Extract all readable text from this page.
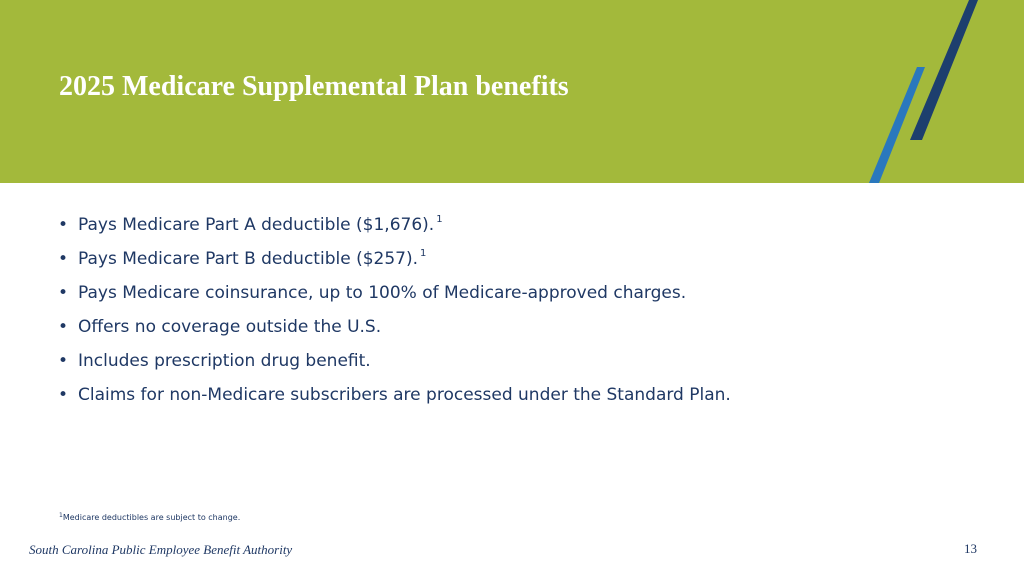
2025 Medicare Supplemental Plan benefits
• Pays Medicare Part A deductible ($1,676). $^1$
• Pays Medicare Part B deductible ($257). $^1$
• Pays Medicare coinsurance, up to 100% of Medicare-approved charges.
• Offers no coverage outside the U.S.
• Includes prescription drug benefit.
• Claims for non-Medicare subscribers are processed under the Standard Plan.
$^1$Medicare deductibles are subject to change.
South Carolina Public Employee Benefit Authority	13
